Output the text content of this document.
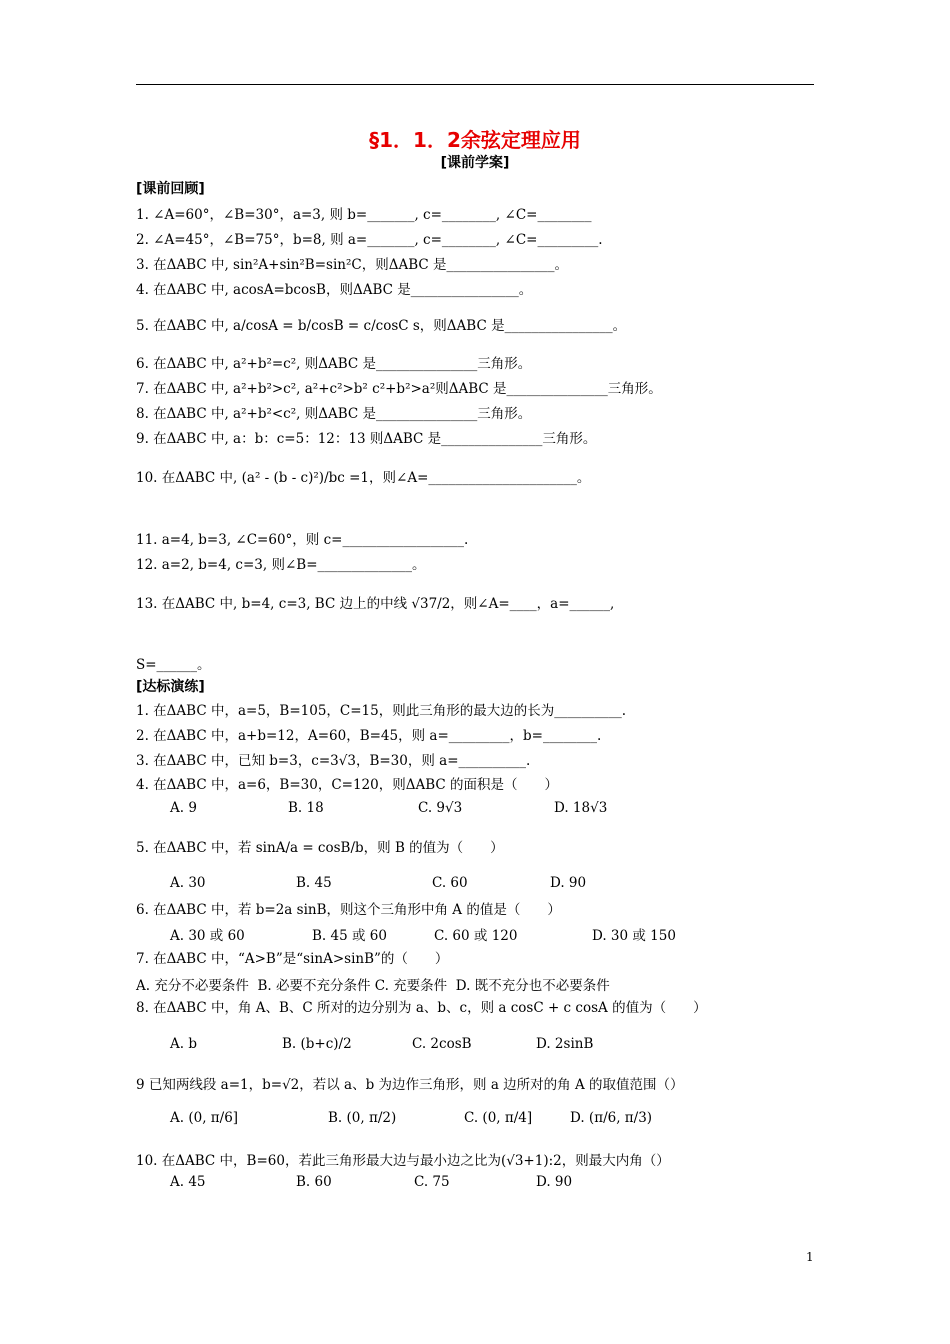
§1．1．2余弦定理应用
[课前学案]
[课前回顾]
1. ∠A=60°，∠B=30°，a=3, 则 b=_______, c=________, ∠C=________
2. ∠A=45°，∠B=75°，b=8, 则 a=_______, c=________, ∠C=_________.
3. 在ΔABC 中, sin²A+sin²B=sin²C，则ΔABC 是________________。
4. 在ΔABC 中, acosA=bcosB，则ΔABC 是________________。
5. 在ΔABC 中, a/cosA = b/cosB = c/cosC s，则ΔABC 是________________。
6. 在ΔABC 中, a²+b²=c², 则ΔABC 是_______________三角形。
7. 在ΔABC 中, a²+b²>c², a²+c²>b² c²+b²>a²则ΔABC 是_______________三角形。
8. 在ΔABC 中, a²+b²<c², 则ΔABC 是_______________三角形。
9. 在ΔABC 中, a：b：c=5：12：13 则ΔABC 是_______________三角形。
10. 在ΔABC 中, (a² - (b - c)²)/bc =1，则∠A=______________________。
11. a=4, b=3, ∠C=60°，则 c=__________________.
12. a=2, b=4, c=3, 则∠B=______________。
13. 在ΔABC 中, b=4, c=3, BC 边上的中线 √37/2，则∠A=____，a=______,
S=______。
[达标演练]
1. 在ΔABC 中，a=5，B=105，C=15，则此三角形的最大边的长为__________.
2. 在ΔABC 中，a+b=12，A=60，B=45，则 a=_________，b=________.
3. 在ΔABC 中，已知 b=3，c=3√3，B=30，则 a=__________.
4. 在ΔABC 中，a=6，B=30，C=120，则ΔABC 的面积是（　　）
A. 9	B. 18	C. 9√3	D. 18√3
5. 在ΔABC 中，若 sinA/a = cosB/b，则 B 的值为（　　）
A. 30	B. 45	C. 60	D. 90
6. 在ΔABC 中，若 b=2a sinB，则这个三角形中角 A 的值是（　　）
A. 30 或 60	B. 45 或 60	C. 60 或 120	D. 30 或 150
7. 在ΔABC 中，“A>B”是“sinA>sinB”的（　　）
A. 充分不必要条件 B. 必要不充分条件 C. 充要条件 D. 既不充分也不必要条件
8. 在ΔABC 中，角 A、B、C 所对的边分别为 a、b、c，则 a cosC + c cosA 的值为（　　）
A. b	B. (b+c)/2	C. 2cosB	D. 2sinB
9 已知两线段 a=1，b=√2，若以 a、b 为边作三角形，则 a 边所对的角 A 的取值范围（）
A. (0, π/6]	B. (0, π/2)	C. (0, π/4]	D. (π/6, π/3)
10. 在ΔABC 中，B=60，若此三角形最大边与最小边之比为(√3+1):2，则最大内角（）
A. 45	B. 60	C. 75	D. 90
1
